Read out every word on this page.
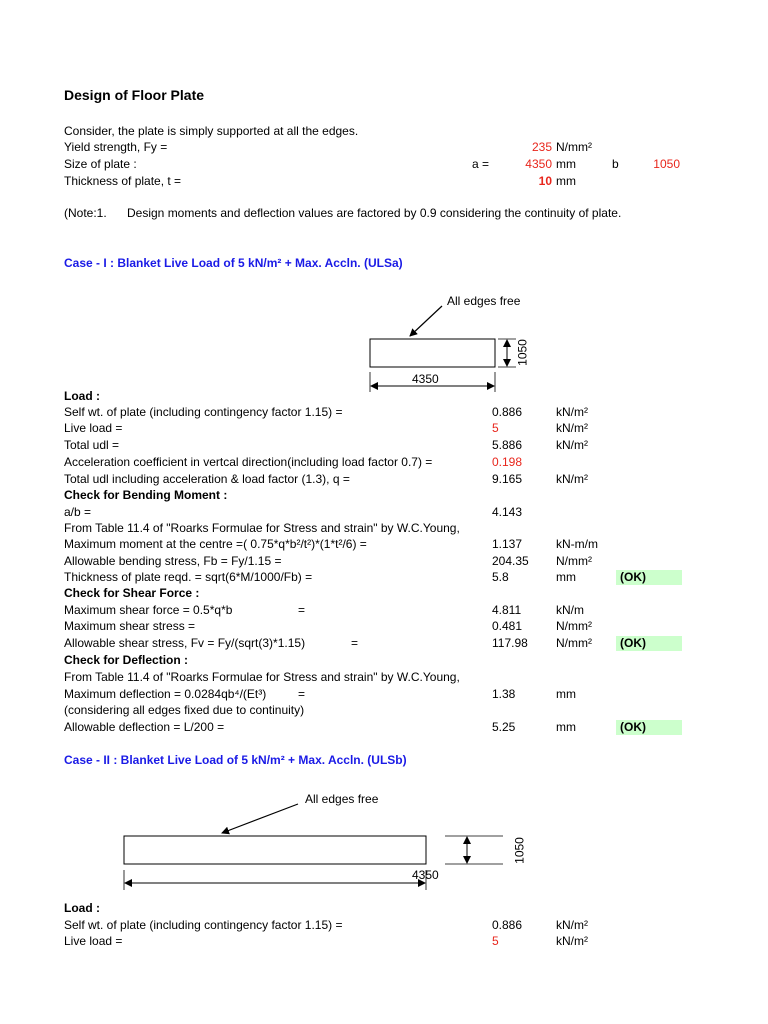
Design of Floor Plate
Consider, the plate is simply supported at all the edges.
Yield strength, Fy =	235 N/mm²
Size of plate :	a =	4350 mm	b	1050
Thickness of plate, t =	10 mm
(Note:1. Design moments and deflection values are factored by 0.9 considering the continuity of plate.
Case - I : Blanket Live Load of 5 kN/m² + Max. Accln. (ULSa)
All edges free
1050
4350
Load :
Self wt. of plate (including contingency factor 1.15) =	0.886	kN/m²
Live load =	5	kN/m²
Total udl =	5.886	kN/m²
Acceleration coefficient in vertcal direction(including load factor 0.7) =	0.198
Total udl including acceleration & load factor (1.3), q =	9.165	kN/m²
Check for Bending Moment :
a/b =	4.143
From Table 11.4 of "Roarks Formulae for Stress and strain" by W.C.Young,
Maximum moment at the centre =( 0.75*q*b²/t²)*(1*t²/6) =	1.137	kN-m/m
Allowable bending stress, Fb = Fy/1.15 =	204.35 N/mm²
Thickness of plate reqd. = sqrt(6*M/1000/Fb) =	5.8	mm	(OK)
Check for Shear Force :
Maximum shear force = 0.5*q*b	=	4.811	kN/m
Maximum shear stress =	0.481	N/mm²
Allowable shear stress, Fv = Fy/(sqrt(3)*1.15)	=	117.98 N/mm²	(OK)
Check for Deflection :
From Table 11.4 of "Roarks Formulae for Stress and strain" by W.C.Young,
Maximum deflection = 0.0284qb⁴/(Et³)	=	1.38	mm
(considering all edges fixed due to continuity)
Allowable deflection = L/200 =	5.25	mm	(OK)
Case - II : Blanket Live Load of 5 kN/m² + Max. Accln. (ULSb)
All edges free
1050
4350
Load :
Self wt. of plate (including contingency factor 1.15) =	0.886	kN/m²
Live load =	5	kN/m²
